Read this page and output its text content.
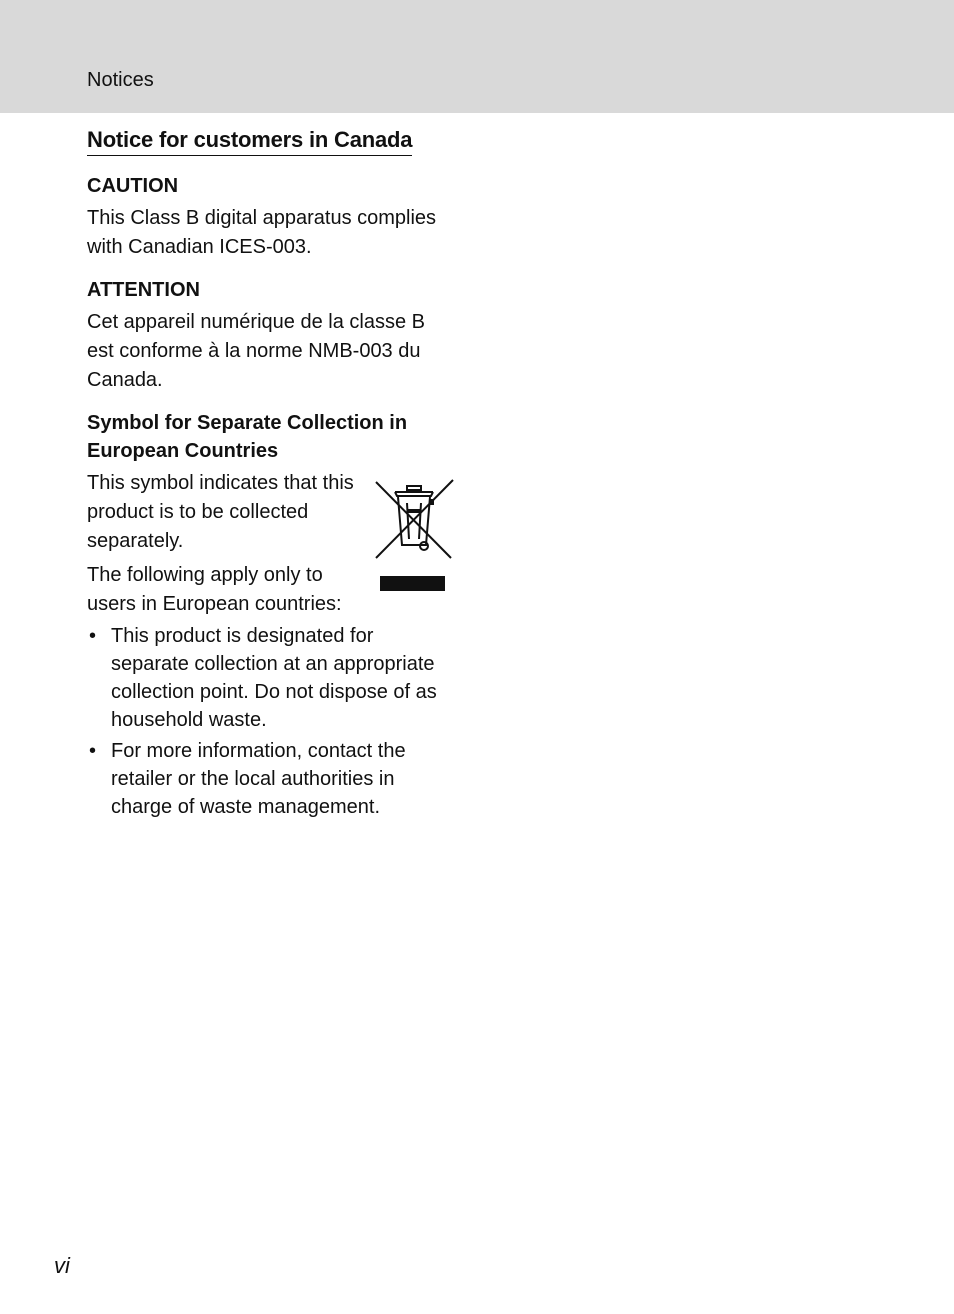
Notices
Notice for customers in Canada
CAUTION

This Class B digital apparatus complies with Canadian ICES-003.

ATTENTION

Cet appareil numérique de la classe B est conforme à la norme NMB-003 du Canada.

Symbol for Separate Collection in European Countries

This symbol indicates that this product is to be collected separately.

The following apply only to users in European countries:

• This product is designated for separate collection at an appropriate collection point. Do not dispose of as household waste.
• For more information, contact the retailer or the local authorities in charge of waste management.
vi
